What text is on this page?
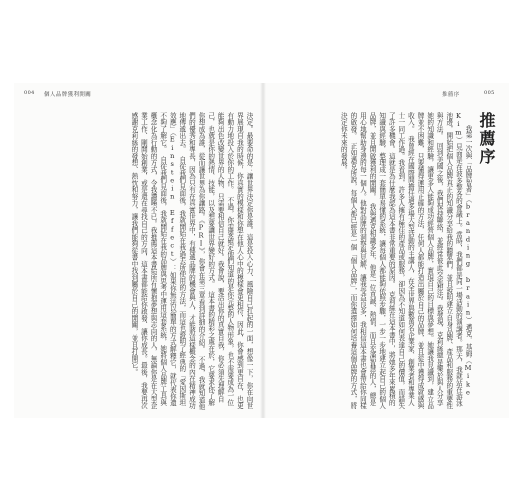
004 個人品牌獲利開關	推薦序	005
推薦序

我第一次與「品牌智者」（branding brain）邁克．基姆（Mike Kim）見面是在波多黎各的會議上。當時，我們都是同一場活動的演講者。那天，我就站在游泳池邊，開始把個人品牌真正的知識分享給我的聽眾們，並且說明建立自身品牌、產品和服務的重要性與方法。　回到美國之後，我們保持聯絡，並經常彼此交流想法。我發現，克莉絲總是樂於與人分享她的知識和經驗，讓更多人能夠成功經營個人品牌，實現自己的目標與夢想。她讓我見識到，建立品牌並不困難，只要懂得運用正確的方法，任何人都能打造出屬於自己的品牌，並且從中獲得成就感與收入。　我曾經在國際間擔任過多場大型活動的主講人，在全世界與數萬名企業家、創業者和專業人士一同工作過。我看到，許多人擁有極佳的產品或服務，卻因為不知道如何表達自己的價值，而錯失了許多機會。這就是為什麼我認為這本書非常重要的原因。　克莉絲在這本書中，將她多年來累積的知識與經驗，整理成一套簡單易懂的系統，讓每個人都能夠依照步驟，一步一步地建立起自己的個人品牌，並且開啟獲利的開關。　我與邁克相識多年，他是一位真誠、熱情，而且充滿智慧的人，總是用心地幫助身邊的每一個人。他對品牌的洞察與見解，讓我受益良多，我相信這本書也會帶給你同樣的啟發。　正如邁克所說，每個人都已經是一個「個人品牌」，而你選擇如何培養這個品牌的方式，將決定你未來的發展。

決定。最要命的是：讓世界決定你是誰。這是投入心力、風險自己扛起的一面，想像一下，你在向世界展現自我的時候，你真實的模樣和你想在他人心中的模樣會更相符，因此，你會感到更自在，也更有動力地投入於你的工作。　不過，你需要確定他們知道的是你完整的人物形象，也不需要成為一位能夠出色改變世界的人物，只需要相信自己就好。我會說，要活出你的真實自我，你必須先理解自己，也就是你的熱情、技能，以及想要讓世界變好的方式。　這本書的精彩之處在於，它要求你了解你想成為誰，從而讓世界為你讓路。《PRI》，你會在第三章看到詳細的介紹。　不過，我就知道他們的優秀和專長，因為只有在真實世界中，有傳遞品牌的機會與人，才能將這樣概念的內在精神成功地傳遞出去。　自從我們見面後，我就開始在我過去所使用的方法，而這也證明了經典的「愛因斯坦效應」（Einstein Effect）：如果你無法以簡單的方式解釋它，就代表你還不夠了解它。　自從我們見面後，我就開始在我的品牌與思考中運用這套系統，她將個人品牌工具與概念化為行動的方式，令我讚嘆不已。我推薦這本書給所有懷抱夢想與志向的人，無論你是在大型企業工作、剛開始創業，或是還在尋找自己的方向，這本書都能給你啟發、讓你成長。最後，我要再次感謝克莉絲的發想、熱忱和努力，讓我們能夠從書中找到屬於自己的開關，並且打開它。
